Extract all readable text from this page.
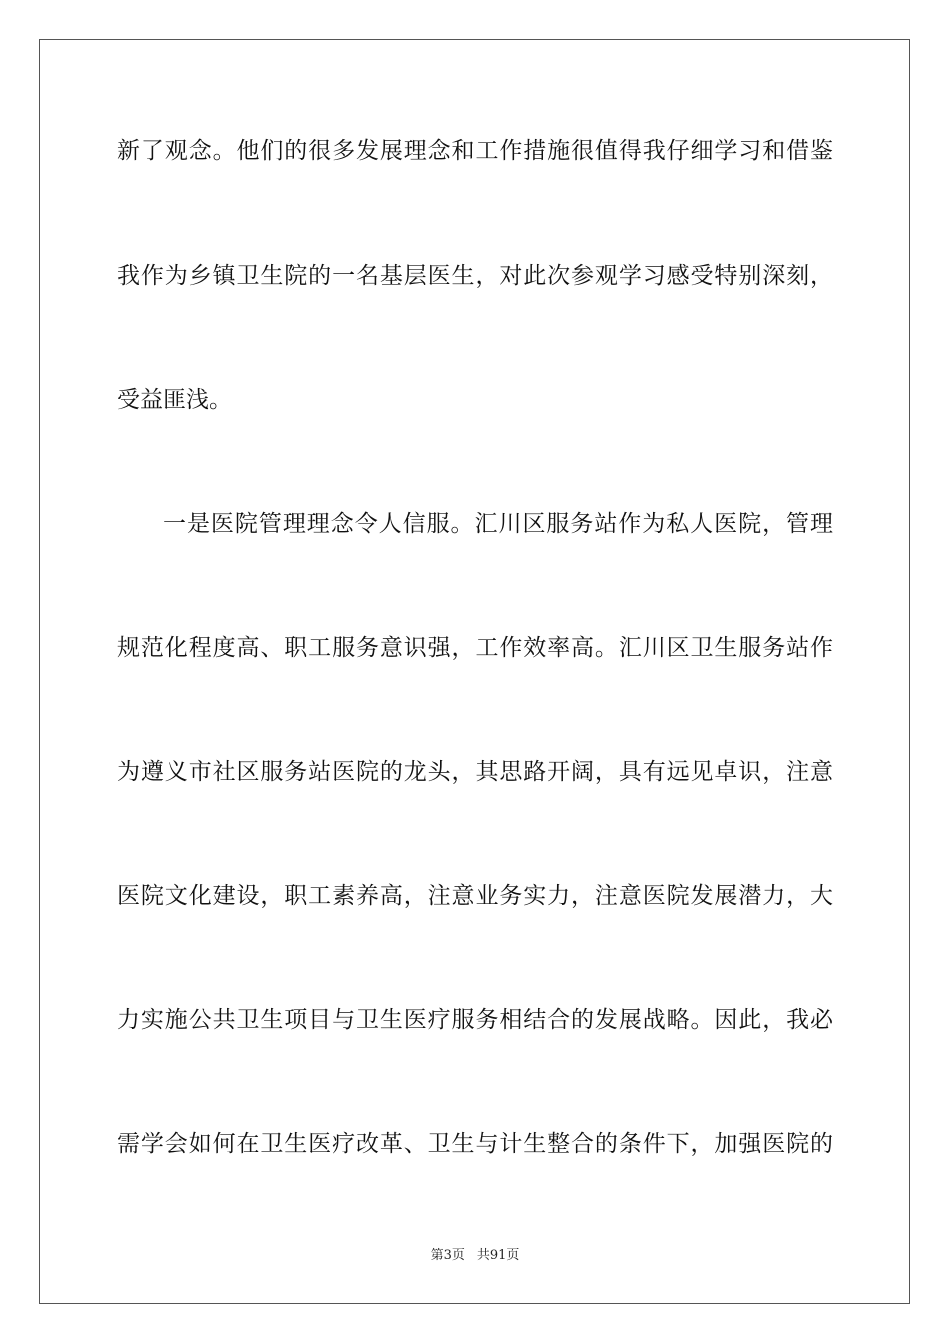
新了观念。他们的很多发展理念和工作措施很值得我仔细学习和借鉴
我作为乡镇卫生院的一名基层医生，对此次参观学习感受特别深刻，
受益匪浅。
一是医院管理理念令人信服。汇川区服务站作为私人医院，管理
规范化程度高、职工服务意识强，工作效率高。汇川区卫生服务站作
为遵义市社区服务站医院的龙头，其思路开阔，具有远见卓识，注意
医院文化建设，职工素养高，注意业务实力，注意医院发展潜力，大
力实施公共卫生项目与卫生医疗服务相结合的发展战略。因此，我必
需学会如何在卫生医疗改革、卫生与计生整合的条件下，加强医院的
第3页 共91页
